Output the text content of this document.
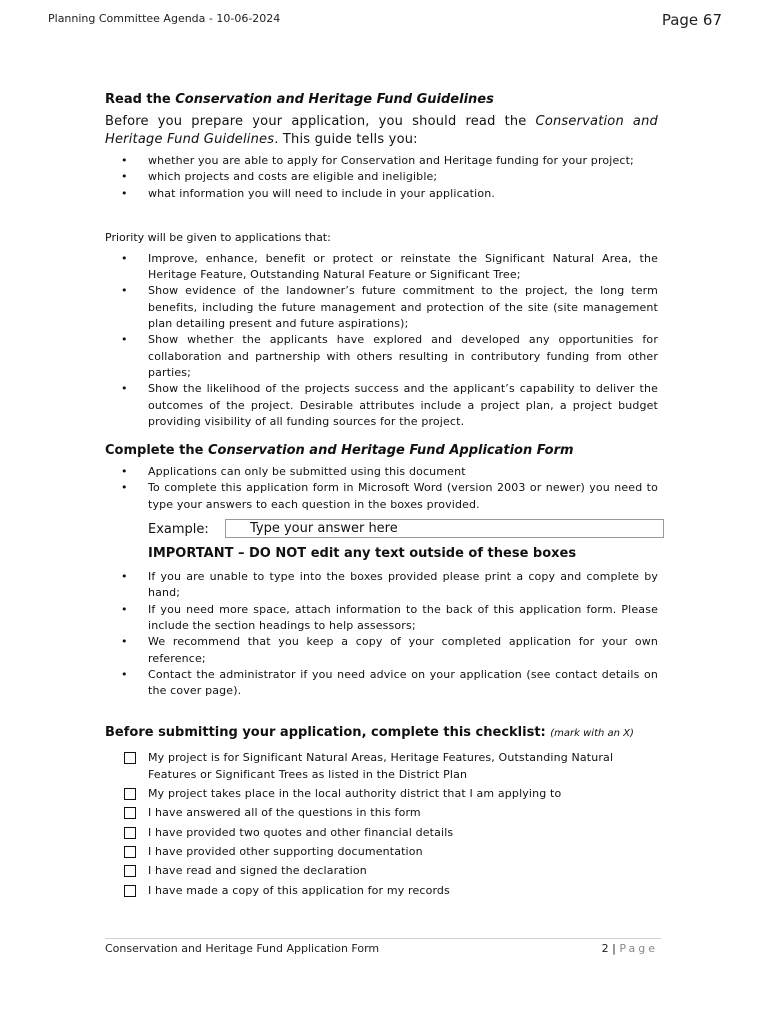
Planning Committee Agenda - 10-06-2024	Page 67
Read the Conservation and Heritage Fund Guidelines

Before you prepare your application, you should read the Conservation and Heritage Fund Guidelines. This guide tells you:

• whether you are able to apply for Conservation and Heritage funding for your project;
• which projects and costs are eligible and ineligible;
• what information you will need to include in your application.

Priority will be given to applications that:

• Improve, enhance, benefit or protect or reinstate the Significant Natural Area, the Heritage Feature, Outstanding Natural Feature or Significant Tree;
• Show evidence of the landowner’s future commitment to the project, the long term benefits, including the future management and protection of the site (site management plan detailing present and future aspirations);
• Show whether the applicants have explored and developed any opportunities for collaboration and partnership with others resulting in contributory funding from other parties;
• Show the likelihood of the projects success and the applicant’s capability to deliver the outcomes of the project. Desirable attributes include a project plan, a project budget providing visibility of all funding sources for the project.
Complete the Conservation and Heritage Fund Application Form
• Applications can only be submitted using this document
• To complete this application form in Microsoft Word (version 2003 or newer) you need to type your answers to each question in the boxes provided.
Example:	Type your answer here
IMPORTANT – DO NOT edit any text outside of these boxes
• If you are unable to type into the boxes provided please print a copy and complete by hand;
• If you need more space, attach information to the back of this application form. Please include the section headings to help assessors;
• We recommend that you keep a copy of your completed application for your own reference;
• Contact the administrator if you need advice on your application (see contact details on the cover page).
Before submitting your application, complete this checklist: (mark with an X)
My project is for Significant Natural Areas, Heritage Features, Outstanding Natural Features or Significant Trees as listed in the District Plan
My project takes place in the local authority district that I am applying to
I have answered all of the questions in this form
I have provided two quotes and other financial details
I have provided other supporting documentation
I have read and signed the declaration
I have made a copy of this application for my records
Conservation and Heritage Fund Application Form	2 | Page
